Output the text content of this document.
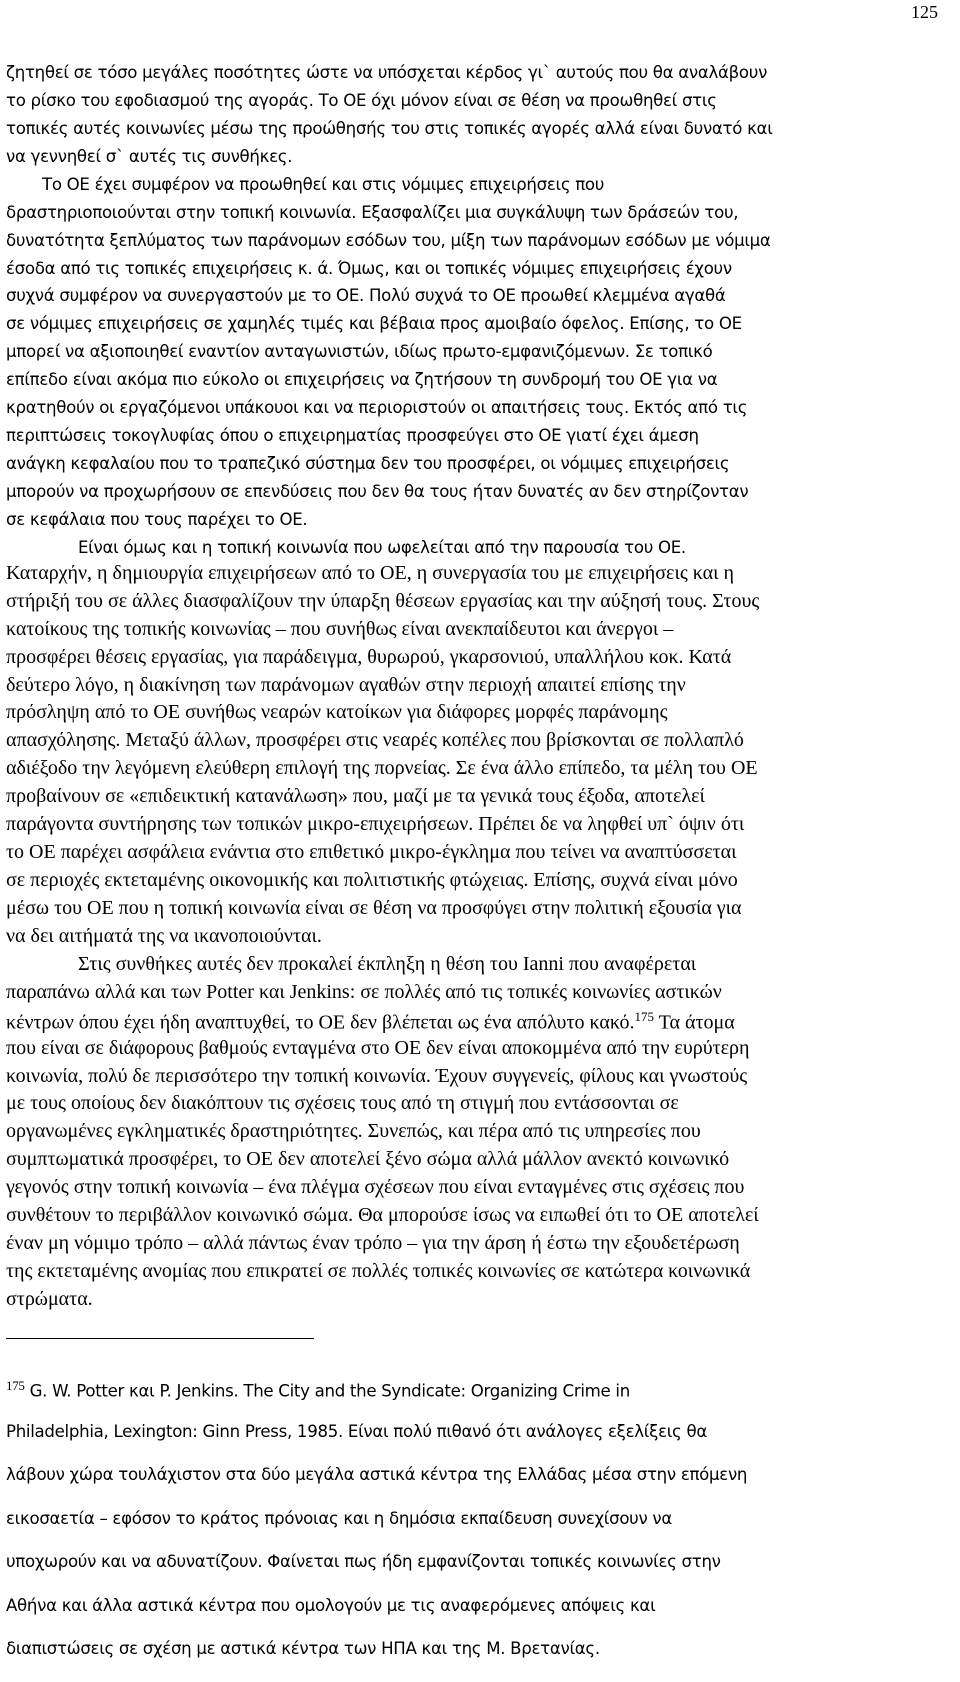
125
ζητηθεί σε τόσο μεγάλες ποσότητες ώστε να υπόσχεται κέρδος γι` αυτούς που θα αναλάβουν
το ρίσκο του εφοδιασμού της αγοράς. Το ΟΕ όχι μόνον είναι σε θέση να προωθηθεί στις
τοπικές αυτές κοινωνίες μέσω της προώθησής του στις τοπικές αγορές αλλά είναι δυνατό και
να γεννηθεί σ` αυτές τις συνθήκες.
Το ΟΕ έχει συμφέρον να προωθηθεί και στις νόμιμες επιχειρήσεις που
δραστηριοποιούνται στην τοπική κοινωνία. Εξασφαλίζει μια συγκάλυψη των δράσεών του,
δυνατότητα ξεπλύματος των παράνομων εσόδων του, μίξη των παράνομων εσόδων με νόμιμα
έσοδα από τις τοπικές επιχειρήσεις κ. ά. Όμως, και οι τοπικές νόμιμες επιχειρήσεις έχουν
συχνά συμφέρον να συνεργαστούν με το ΟΕ. Πολύ συχνά το ΟΕ προωθεί κλεμμένα αγαθά
σε νόμιμες επιχειρήσεις σε χαμηλές τιμές και βέβαια προς αμοιβαίο όφελος. Επίσης, το ΟΕ
μπορεί να αξιοποιηθεί εναντίον ανταγωνιστών, ιδίως πρωτο-εμφανιζόμενων. Σε τοπικό
επίπεδο είναι ακόμα πιο εύκολο οι επιχειρήσεις να ζητήσουν τη συνδρομή του ΟΕ για να
κρατηθούν οι εργαζόμενοι υπάκουοι και να περιοριστούν οι απαιτήσεις τους. Εκτός από τις
περιπτώσεις τοκογλυφίας όπου ο επιχειρηματίας προσφεύγει στο ΟΕ γιατί έχει άμεση
ανάγκη κεφαλαίου που το τραπεζικό σύστημα δεν του προσφέρει, οι νόμιμες επιχειρήσεις
μπορούν να προχωρήσουν σε επενδύσεις που δεν θα τους ήταν δυνατές αν δεν στηρίζονταν
σε κεφάλαια που τους παρέχει το ΟΕ.
Είναι όμως και η τοπική κοινωνία που ωφελείται από την παρουσία του ΟΕ.
Καταρχήν, η δημιουργία επιχειρήσεων από το ΟΕ, η συνεργασία του με επιχειρήσεις και η
στήριξή του σε άλλες διασφαλίζουν την ύπαρξη θέσεων εργασίας και την αύξησή τους. Στους
κατοίκους της τοπικής κοινωνίας – που συνήθως είναι ανεκπαίδευτοι και άνεργοι –
προσφέρει θέσεις εργασίας, για παράδειγμα, θυρωρού, γκαρσονιού, υπαλλήλου κοκ. Κατά
δεύτερο λόγο, η διακίνηση των παράνομων αγαθών στην περιοχή απαιτεί επίσης την
πρόσληψη από το ΟΕ συνήθως νεαρών κατοίκων για διάφορες μορφές παράνομης
απασχόλησης. Μεταξύ άλλων, προσφέρει στις νεαρές κοπέλες που βρίσκονται σε πολλαπλό
αδιέξοδο την λεγόμενη ελεύθερη επιλογή της πορνείας. Σε ένα άλλο επίπεδο, τα μέλη του ΟΕ
προβαίνουν σε «επιδεικτική κατανάλωση» που, μαζί με τα γενικά τους έξοδα, αποτελεί
παράγοντα συντήρησης των τοπικών μικρο-επιχειρήσεων. Πρέπει δε να ληφθεί υπ` όψιν ότι
το ΟΕ παρέχει ασφάλεια ενάντια στο επιθετικό μικρο-έγκλημα που τείνει να αναπτύσσεται
σε περιοχές εκτεταμένης οικονομικής και πολιτιστικής φτώχειας. Επίσης, συχνά είναι μόνο
μέσω του ΟΕ που η τοπική κοινωνία είναι σε θέση να προσφύγει στην πολιτική εξουσία για
να δει αιτήματά της να ικανοποιούνται.
Στις συνθήκες αυτές δεν προκαλεί έκπληξη η θέση του Ianni που αναφέρεται
παραπάνω αλλά και των Potter και Jenkins: σε πολλές από τις τοπικές κοινωνίες αστικών
κέντρων όπου έχει ήδη αναπτυχθεί, το ΟΕ δεν βλέπεται ως ένα απόλυτο κακό.$^{175}$ Τα άτομα
που είναι σε διάφορους βαθμούς ενταγμένα στο ΟΕ δεν είναι αποκομμένα από την ευρύτερη
κοινωνία, πολύ δε περισσότερο την τοπική κοινωνία. Έχουν συγγενείς, φίλους και γνωστούς
με τους οποίους δεν διακόπτουν τις σχέσεις τους από τη στιγμή που εντάσσονται σε
οργανωμένες εγκληματικές δραστηριότητες. Συνεπώς, και πέρα από τις υπηρεσίες που
συμπτωματικά προσφέρει, το ΟΕ δεν αποτελεί ξένο σώμα αλλά μάλλον ανεκτό κοινωνικό
γεγονός στην τοπική κοινωνία – ένα πλέγμα σχέσεων που είναι ενταγμένες στις σχέσεις που
συνθέτουν το περιβάλλον κοινωνικό σώμα. Θα μπορούσε ίσως να ειπωθεί ότι το ΟΕ αποτελεί
έναν μη νόμιμο τρόπο – αλλά πάντως έναν τρόπο – για την άρση ή έστω την εξουδετέρωση
της εκτεταμένης ανομίας που επικρατεί σε πολλές τοπικές κοινωνίες σε κατώτερα κοινωνικά
στρώματα.
$^{175}$ G. W. Potter και P. Jenkins. The City and the Syndicate: Organizing Crime in
Philadelphia, Lexington: Ginn Press, 1985. Είναι πολύ πιθανό ότι ανάλογες εξελίξεις θα
λάβουν χώρα τουλάχιστον στα δύο μεγάλα αστικά κέντρα της Ελλάδας μέσα στην επόμενη
εικοσαετία – εφόσον το κράτος πρόνοιας και η δημόσια εκπαίδευση συνεχίσουν να
υποχωρούν και να αδυνατίζουν. Φαίνεται πως ήδη εμφανίζονται τοπικές κοινωνίες στην
Αθήνα και άλλα αστικά κέντρα που ομολογούν με τις αναφερόμενες απόψεις και
διαπιστώσεις σε σχέση με αστικά κέντρα των ΗΠΑ και της Μ. Βρετανίας.
